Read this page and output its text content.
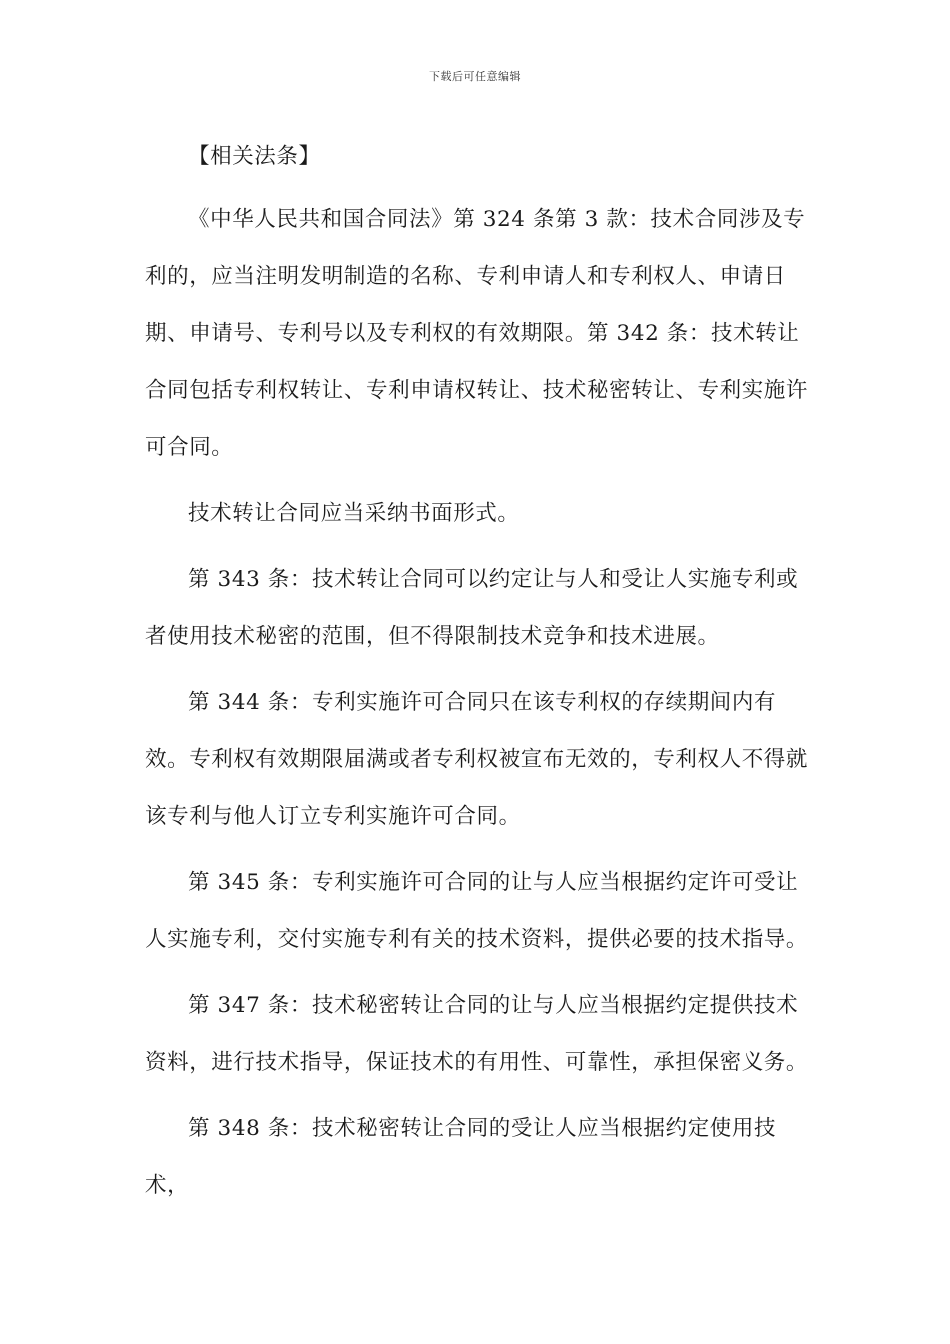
下载后可任意编辑

【相关法条】

《中华人民共和国合同法》第 324 条第 3 款：技术合同涉及专利的，应当注明发明制造的名称、专利申请人和专利权人、申请日期、申请号、专利号以及专利权的有效期限。第 342 条：技术转让合同包括专利权转让、专利申请权转让、技术秘密转让、专利实施许可合同。

技术转让合同应当采纳书面形式。

第 343 条：技术转让合同可以约定让与人和受让人实施专利或者使用技术秘密的范围，但不得限制技术竞争和技术进展。

第 344 条：专利实施许可合同只在该专利权的存续期间内有效。专利权有效期限届满或者专利权被宣布无效的，专利权人不得就该专利与他人订立专利实施许可合同。

第 345 条：专利实施许可合同的让与人应当根据约定许可受让人实施专利，交付实施专利有关的技术资料，提供必要的技术指导。

第 347 条：技术秘密转让合同的让与人应当根据约定提供技术资料，进行技术指导，保证技术的有用性、可靠性，承担保密义务。

第 348 条：技术秘密转让合同的受让人应当根据约定使用技术，
